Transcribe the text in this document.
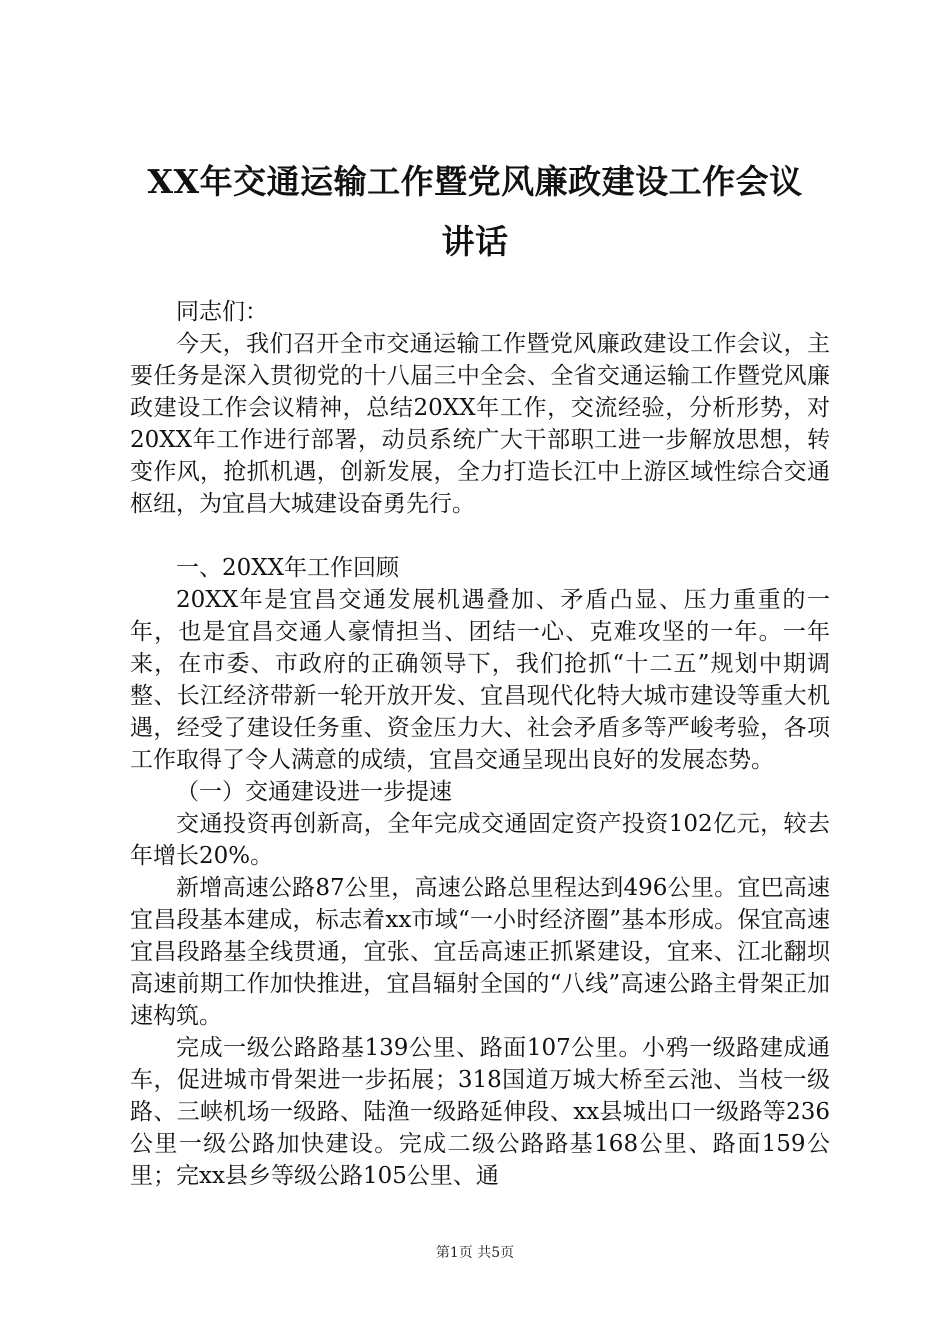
XX年交通运输工作暨党风廉政建设工作会议
讲话

同志们：

今天，我们召开全市交通运输工作暨党风廉政建设工作会议，主要任务是深入贯彻党的十八届三中全会、全省交通运输工作暨党风廉政建设工作会议精神，总结20XX年工作，交流经验，分析形势，对20XX年工作进行部署，动员系统广大干部职工进一步解放思想，转变作风，抢抓机遇，创新发展，全力打造长江中上游区域性综合交通枢纽，为宜昌大城建设奋勇先行。

一、20XX年工作回顾

20XX年是宜昌交通发展机遇叠加、矛盾凸显、压力重重的一年，也是宜昌交通人豪情担当、团结一心、克难攻坚的一年。一年来，在市委、市政府的正确领导下，我们抢抓“十二五”规划中期调整、长江经济带新一轮开放开发、宜昌现代化特大城市建设等重大机遇，经受了建设任务重、资金压力大、社会矛盾多等严峻考验，各项工作取得了令人满意的成绩，宜昌交通呈现出良好的发展态势。

（一）交通建设进一步提速

交通投资再创新高，全年完成交通固定资产投资102亿元，较去年增长20%。

新增高速公路87公里，高速公路总里程达到496公里。宜巴高速宜昌段基本建成，标志着xx市域“一小时经济圈”基本形成。保宜高速宜昌段路基全线贯通，宜张、宜岳高速正抓紧建设，宜来、江北翻坝高速前期工作加快推进，宜昌辐射全国的“八线”高速公路主骨架正加速构筑。

完成一级公路路基139公里、路面107公里。小鸦一级路建成通车，促进城市骨架进一步拓展；318国道万城大桥至云池、当枝一级路、三峡机场一级路、陆渔一级路延伸段、xx县城出口一级路等236公里一级公路加快建设。完成二级公路路基168公里、路面159公里；完xx县乡等级公路105公里、通

第1页 共5页
